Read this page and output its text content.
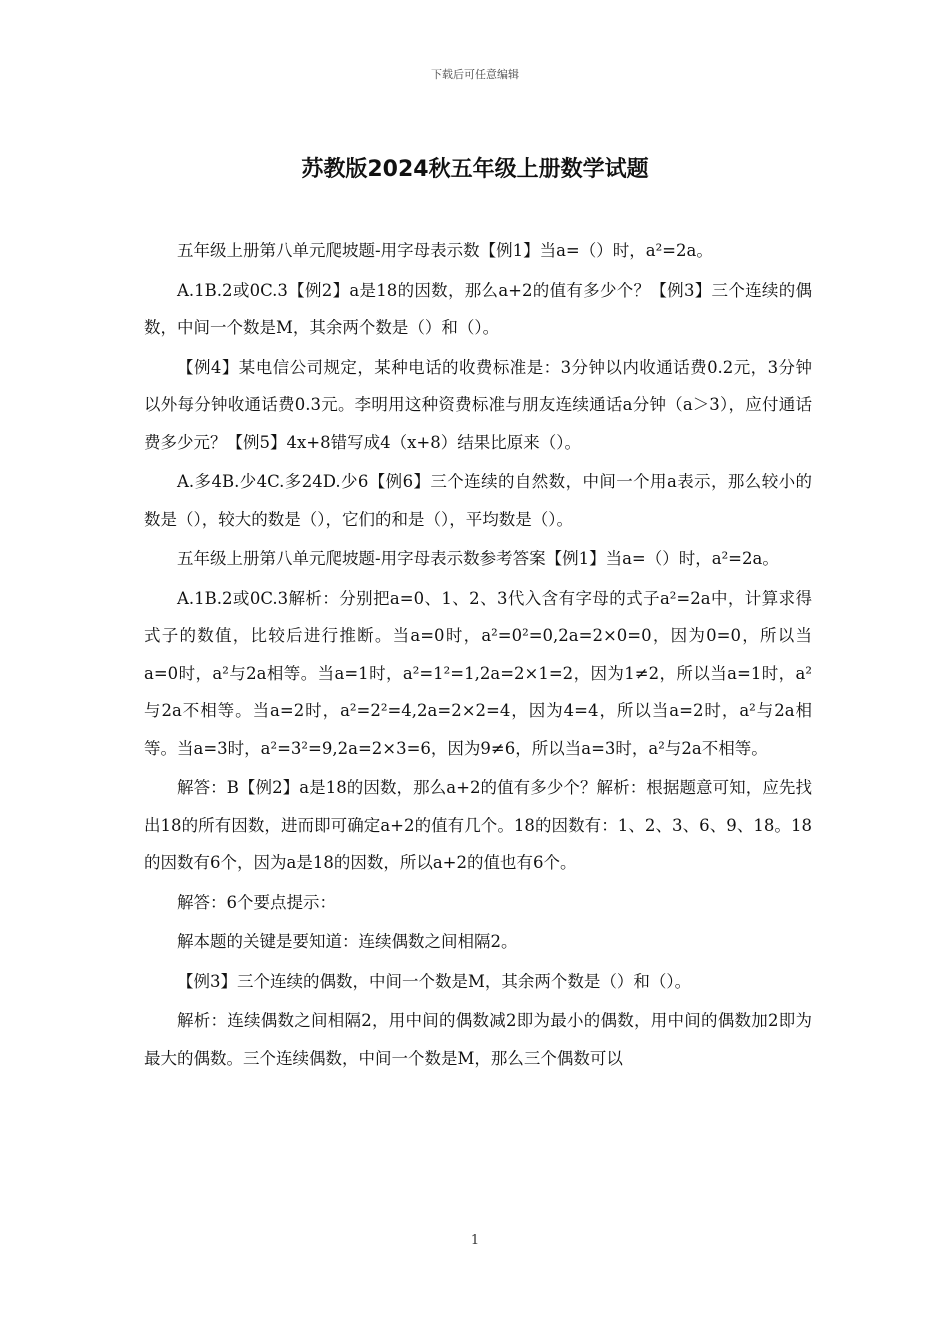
下载后可任意编辑
苏教版2024秋五年级上册数学试题

五年级上册第八单元爬坡题-用字母表示数【例1】当a=（）时，a²=2a。

A.1B.2或0C.3【例2】a是18的因数，那么a+2的值有多少个？【例3】三个连续的偶数，中间一个数是M，其余两个数是（）和（）。

【例4】某电信公司规定，某种电话的收费标准是：3分钟以内收通话费0.2元，3分钟以外每分钟收通话费0.3元。李明用这种资费标准与朋友连续通话a分钟（a＞3），应付通话费多少元？【例5】4x+8错写成4（x+8）结果比原来（）。

A.多4B.少4C.多24D.少6【例6】三个连续的自然数，中间一个用a表示，那么较小的数是（），较大的数是（），它们的和是（），平均数是（）。

五年级上册第八单元爬坡题-用字母表示数参考答案【例1】当a=（）时，a²=2a。

A.1B.2或0C.3解析：分别把a=0、1、2、3代入含有字母的式子a²=2a中，计算求得式子的数值，比较后进行推断。当a=0时，a²=0²=0,2a=2×0=0，因为0=0，所以当a=0时，a²与2a相等。当a=1时，a²=1²=1,2a=2×1=2，因为1≠2，所以当a=1时，a²与2a不相等。当a=2时，a²=2²=4,2a=2×2=4，因为4=4，所以当a=2时，a²与2a相等。当a=3时，a²=3²=9,2a=2×3=6，因为9≠6，所以当a=3时，a²与2a不相等。

解答：B【例2】a是18的因数，那么a+2的值有多少个？解析：根据题意可知，应先找出18的所有因数，进而即可确定a+2的值有几个。18的因数有：1、2、3、6、9、18。18的因数有6个，因为a是18的因数，所以a+2的值也有6个。

解答：6个要点提示：

解本题的关键是要知道：连续偶数之间相隔2。

【例3】三个连续的偶数，中间一个数是M，其余两个数是（）和（）。

解析：连续偶数之间相隔2，用中间的偶数减2即为最小的偶数，用中间的偶数加2即为最大的偶数。三个连续偶数，中间一个数是M，那么三个偶数可以

1
